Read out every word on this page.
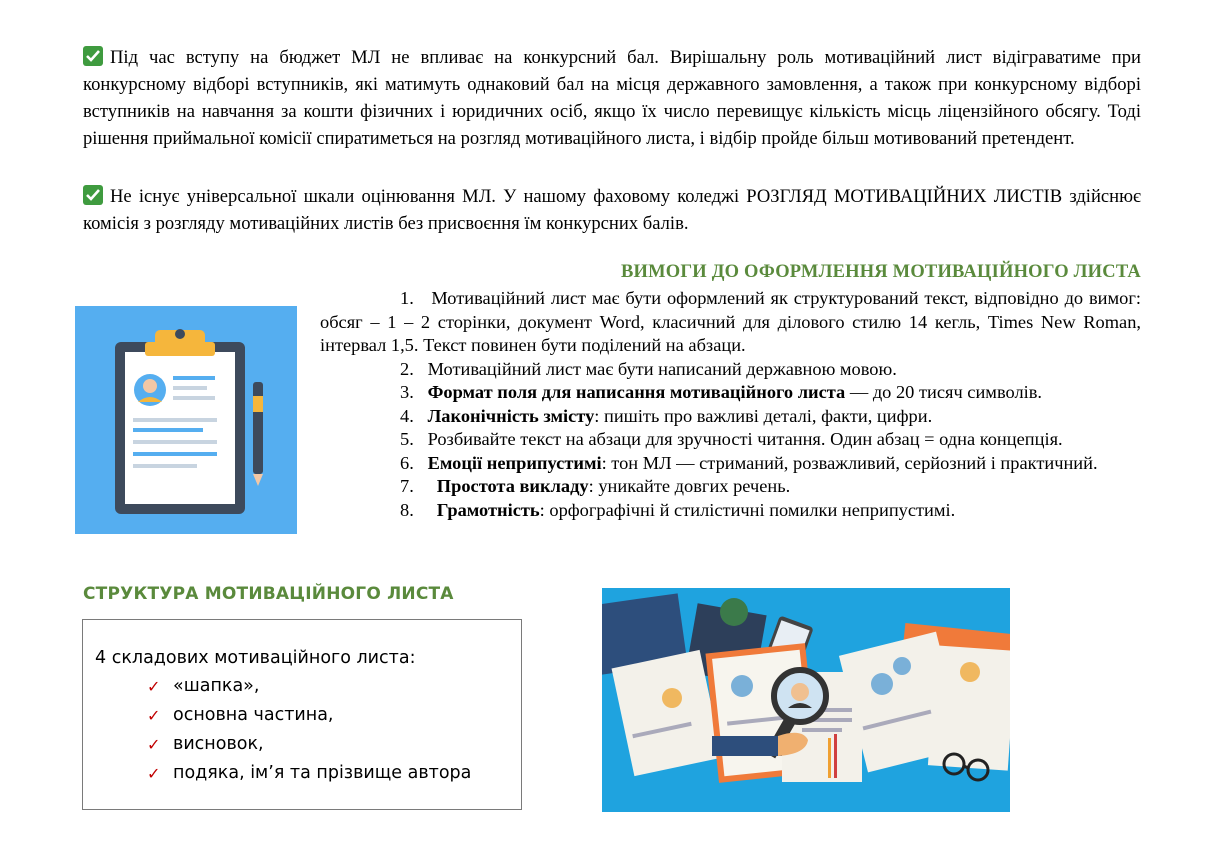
Під час вступу на бюджет МЛ не впливає на конкурсний бал. Вирішальну роль мотиваційний лист відіграватиме при конкурсному відборі вступників, які матимуть однаковий бал на місця державного замовлення, а також при конкурсному відборі вступників на навчання за кошти фізичних і юридичних осіб, якщо їх число перевищує кількість місць ліцензійного обсягу. Тоді рішення приймальної комісії спиратиметься на розгляд мотиваційного листа, і відбір пройде більш мотивований претендент.
Не існує універсальної шкали оцінювання МЛ. У нашому фаховому коледжі РОЗГЛЯД МОТИВАЦІЙНИХ ЛИСТІВ здійснює комісія з розгляду мотиваційних листів без присвоєння їм конкурсних балів.
ВИМОГИ ДО ОФОРМЛЕННЯ МОТИВАЦІЙНОГО ЛИСТА

1. Мотиваційний лист має бути оформлений як структурований текст, відповідно до вимог: обсяг – 1 – 2 сторінки, документ Word, класичний для ділового стилю 14 кегль, Times New Roman, інтервал 1,5. Текст повинен бути поділений на абзаци.

2. Мотиваційний лист має бути написаний державною мовою.

3. Формат поля для написання мотиваційного листа — до 20 тисяч символів.

4. Лаконічність змісту: пишіть про важливі деталі, факти, цифри.

5. Розбивайте текст на абзаци для зручності читання. Один абзац = одна концепція.

6. Емоції неприпустимі: тон МЛ — стриманий, розважливий, серйозний і практичний.

7. Простота викладу: уникайте довгих речень.

8. Грамотність: орфографічні й стилістичні помилки неприпустимі.

СТРУКТУРА МОТИВАЦІЙНОГО ЛИСТА
4 складових мотиваційного листа:
✓ «шапка»,
✓ основна частина,
✓ висновок,
✓ подяка, ім’я та прізвище автора
